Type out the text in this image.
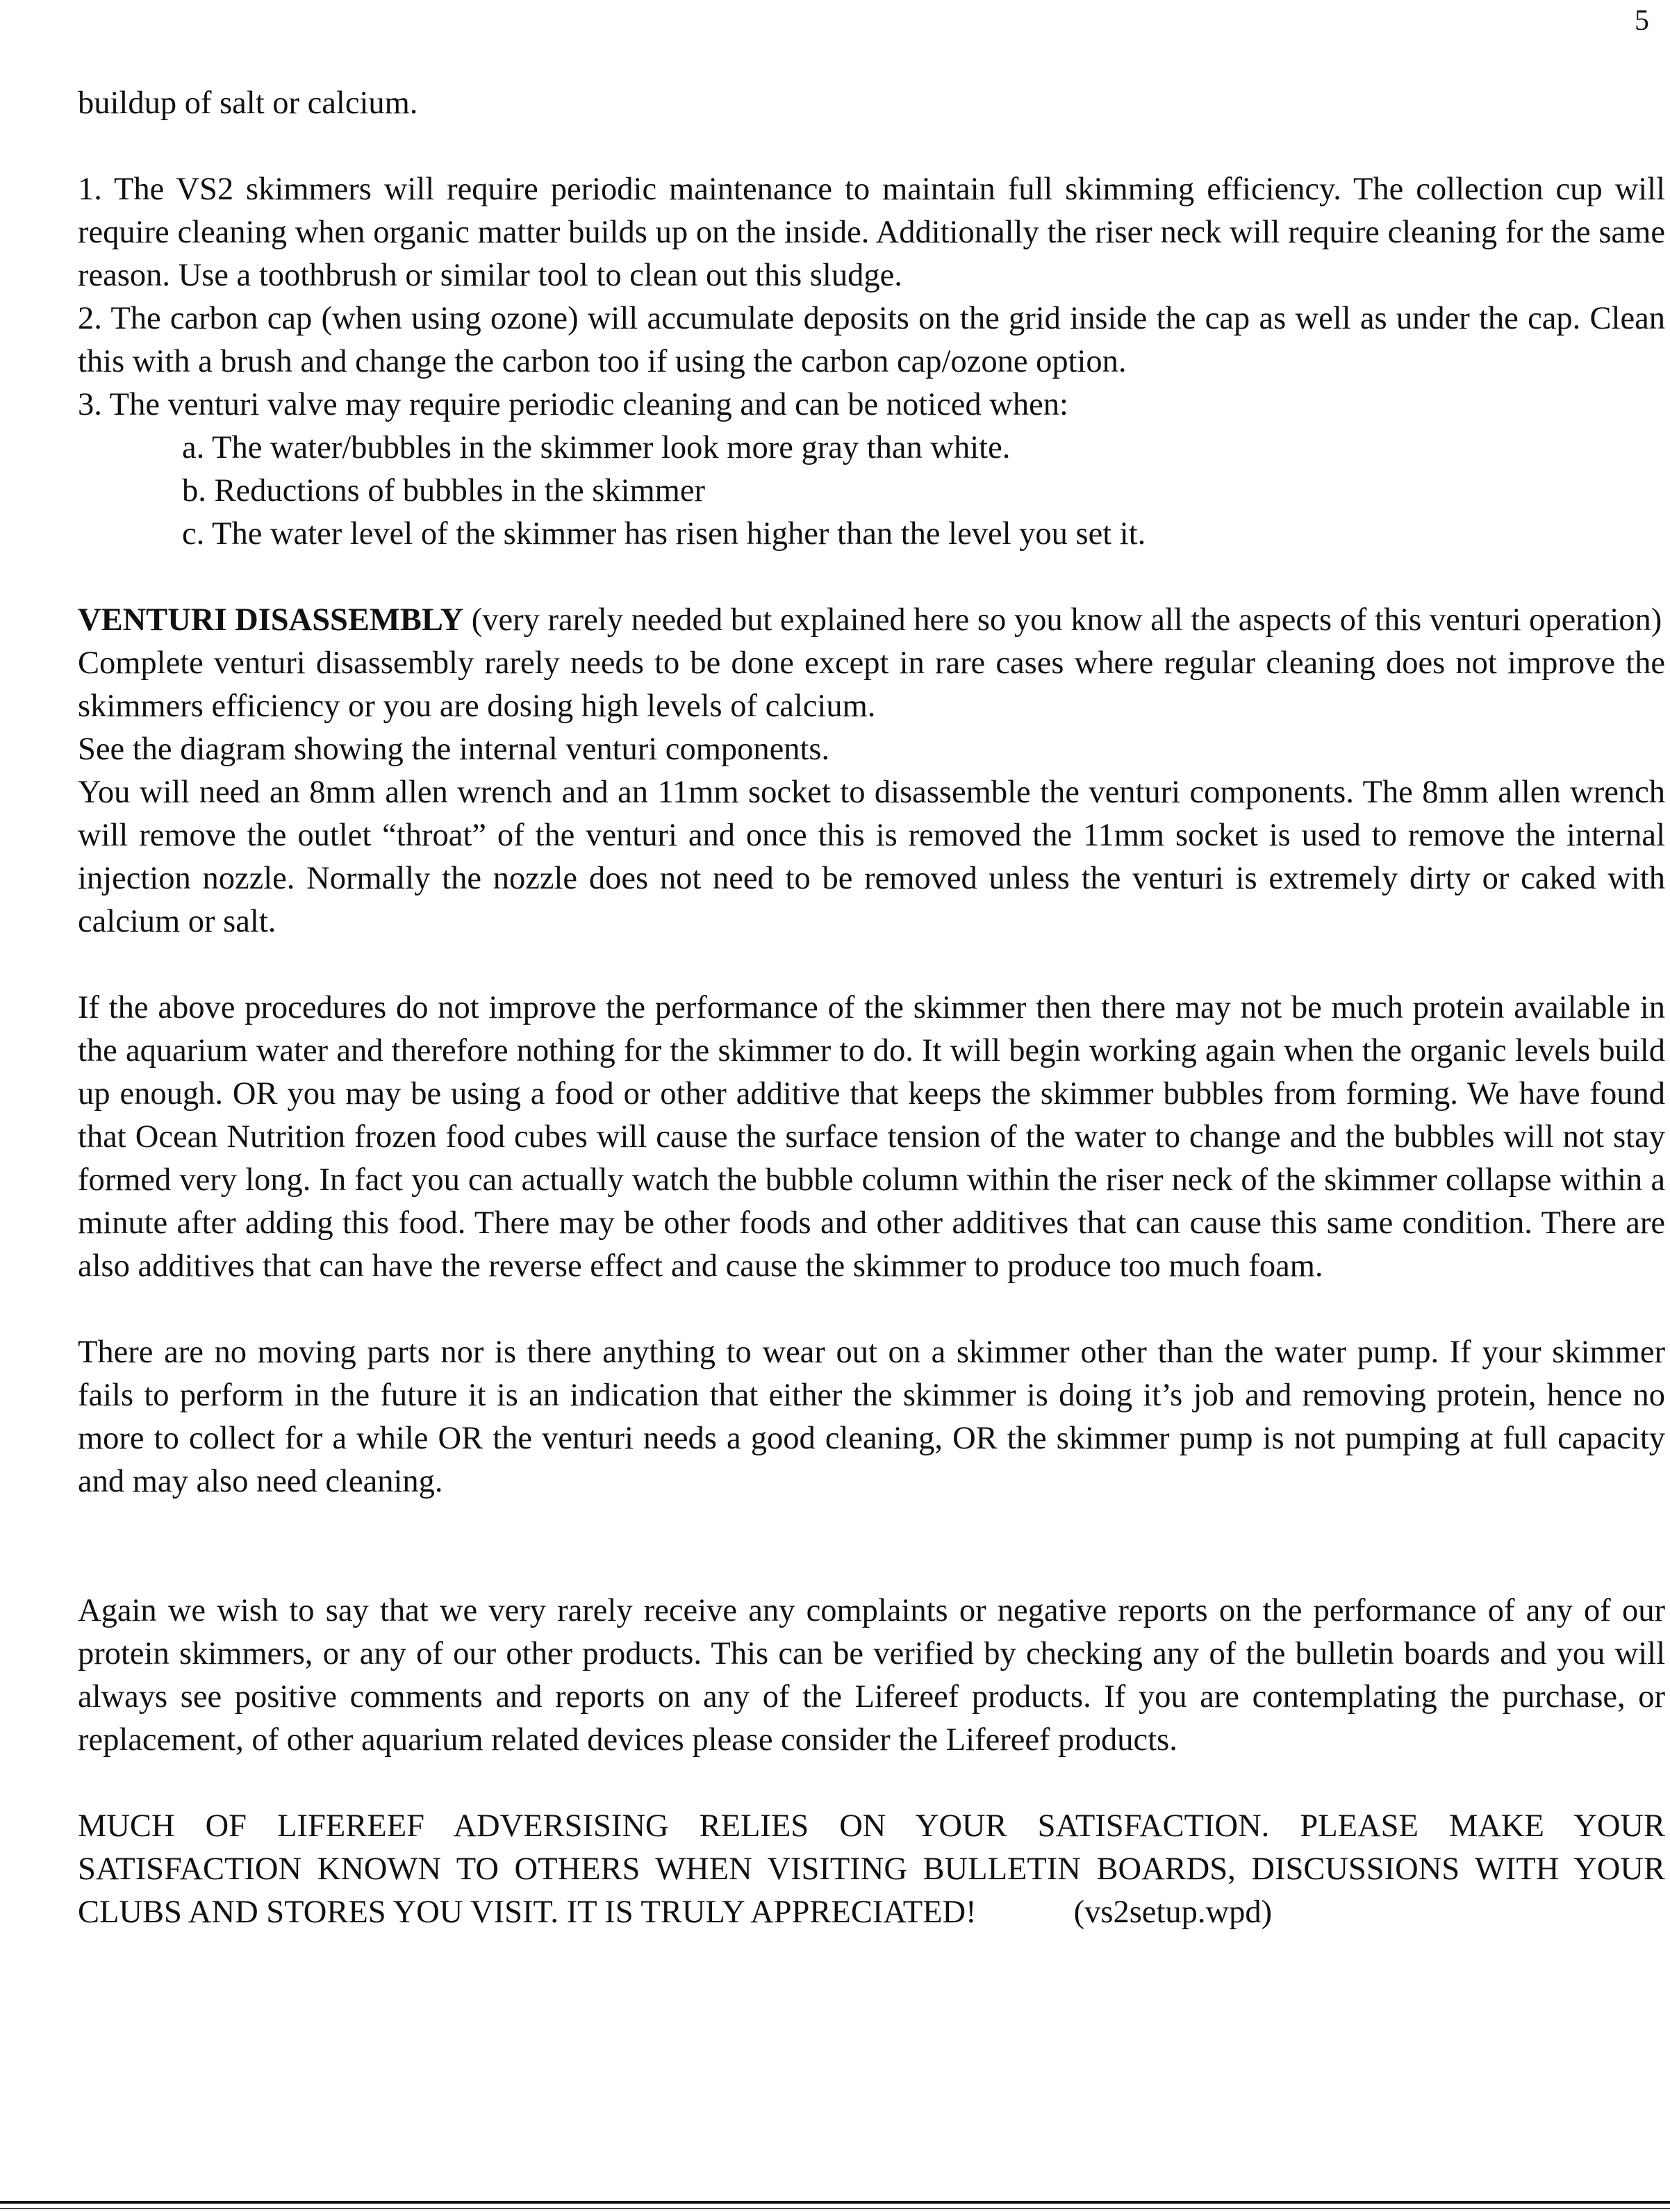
5

buildup of salt or calcium.

1. The VS2 skimmers will require periodic maintenance to maintain full skimming efficiency. The collection cup will require cleaning when organic matter builds up on the inside. Additionally the riser neck will require cleaning for the same reason. Use a toothbrush or similar tool to clean out this sludge.

2. The carbon cap (when using ozone) will accumulate deposits on the grid inside the cap as well as under the cap. Clean this with a brush and change the carbon too if using the carbon cap/ozone option.

3. The venturi valve may require periodic cleaning and can be noticed when:

a. The water/bubbles in the skimmer look more gray than white.

b. Reductions of bubbles in the skimmer

c. The water level of the skimmer has risen higher than the level you set it.

VENTURI DISASSEMBLY (very rarely needed but explained here so you know all the aspects of this venturi operation)

Complete venturi disassembly rarely needs to be done except in rare cases where regular cleaning does not improve the skimmers efficiency or you are dosing high levels of calcium.

See the diagram showing the internal venturi components.

You will need an 8mm allen wrench and an 11mm socket to disassemble the venturi components. The 8mm allen wrench will remove the outlet “throat” of the venturi and once this is removed the 11mm socket is used to remove the internal injection nozzle. Normally the nozzle does not need to be removed unless the venturi is extremely dirty or caked with calcium or salt.

If the above procedures do not improve the performance of the skimmer then there may not be much protein available in the aquarium water and therefore nothing for the skimmer to do. It will begin working again when the organic levels build up enough. OR you may be using a food or other additive that keeps the skimmer bubbles from forming. We have found that Ocean Nutrition frozen food cubes will cause the surface tension of the water to change and the bubbles will not stay formed very long. In fact you can actually watch the bubble column within the riser neck of the skimmer collapse within a minute after adding this food. There may be other foods and other additives that can cause this same condition. There are also additives that can have the reverse effect and cause the skimmer to produce too much foam.

There are no moving parts nor is there anything to wear out on a skimmer other than the water pump. If your skimmer fails to perform in the future it is an indication that either the skimmer is doing it’s job and removing protein, hence no more to collect for a while OR the venturi needs a good cleaning, OR the skimmer pump is not pumping at full capacity and may also need cleaning.

Again we wish to say that we very rarely receive any complaints or negative reports on the performance of any of our protein skimmers, or any of our other products. This can be verified by checking any of the bulletin boards and you will always see positive comments and reports on any of the Lifereef products. If you are contemplating the purchase, or replacement, of other aquarium related devices please consider the Lifereef products.

MUCH OF LIFEREEF ADVERSISING RELIES ON YOUR SATISFACTION. PLEASE MAKE YOUR SATISFACTION KNOWN TO OTHERS WHEN VISITING BULLETIN BOARDS, DISCUSSIONS WITH YOUR CLUBS AND STORES YOU VISIT. IT IS TRULY APPRECIATED!	(vs2setup.wpd)
